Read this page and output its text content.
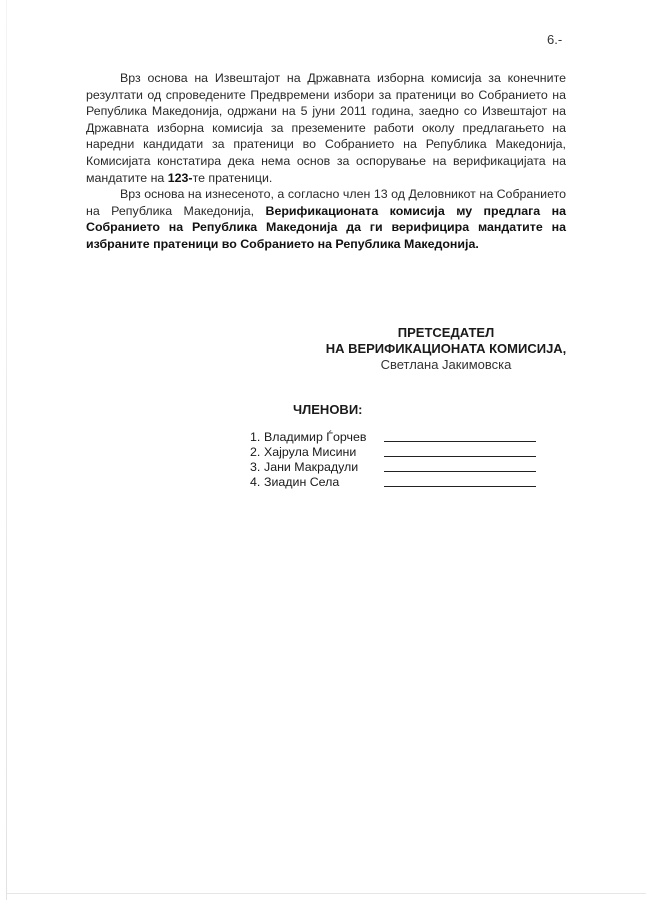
6.-

Врз основа на Извештајот на Државната изборна комисија за конечните резултати од спроведените Предвремени избори за пратеници во Собранието на Република Македонија, одржани на 5 јуни 2011 година, заедно со Извештајот на Државната изборна комисија за преземените работи околу предлагањето на наредни кандидати за пратеници во Собранието на Република Македонија, Комисијата констатира дека нема основ за оспорување на верификацијата на мандатите на 123-те пратеници.

Врз основа на изнесеното, а согласно член 13 од Деловникот на Собранието на Република Македонија, Верификационата комисија му предлага на Собранието на Република Македонија да ги верифицира мандатите на избраните пратеници во Собранието на Република Македонија.

ПРЕТСЕДАТЕЛ
НА ВЕРИФИКАЦИОНАТА КОМИСИЈА,
Светлана Јакимовска
ЧЛЕНОВИ:
1. Владимир Ѓорчев
2. Хајрула Мисини
3. Јани Макрадули
4. Зиадин Села
